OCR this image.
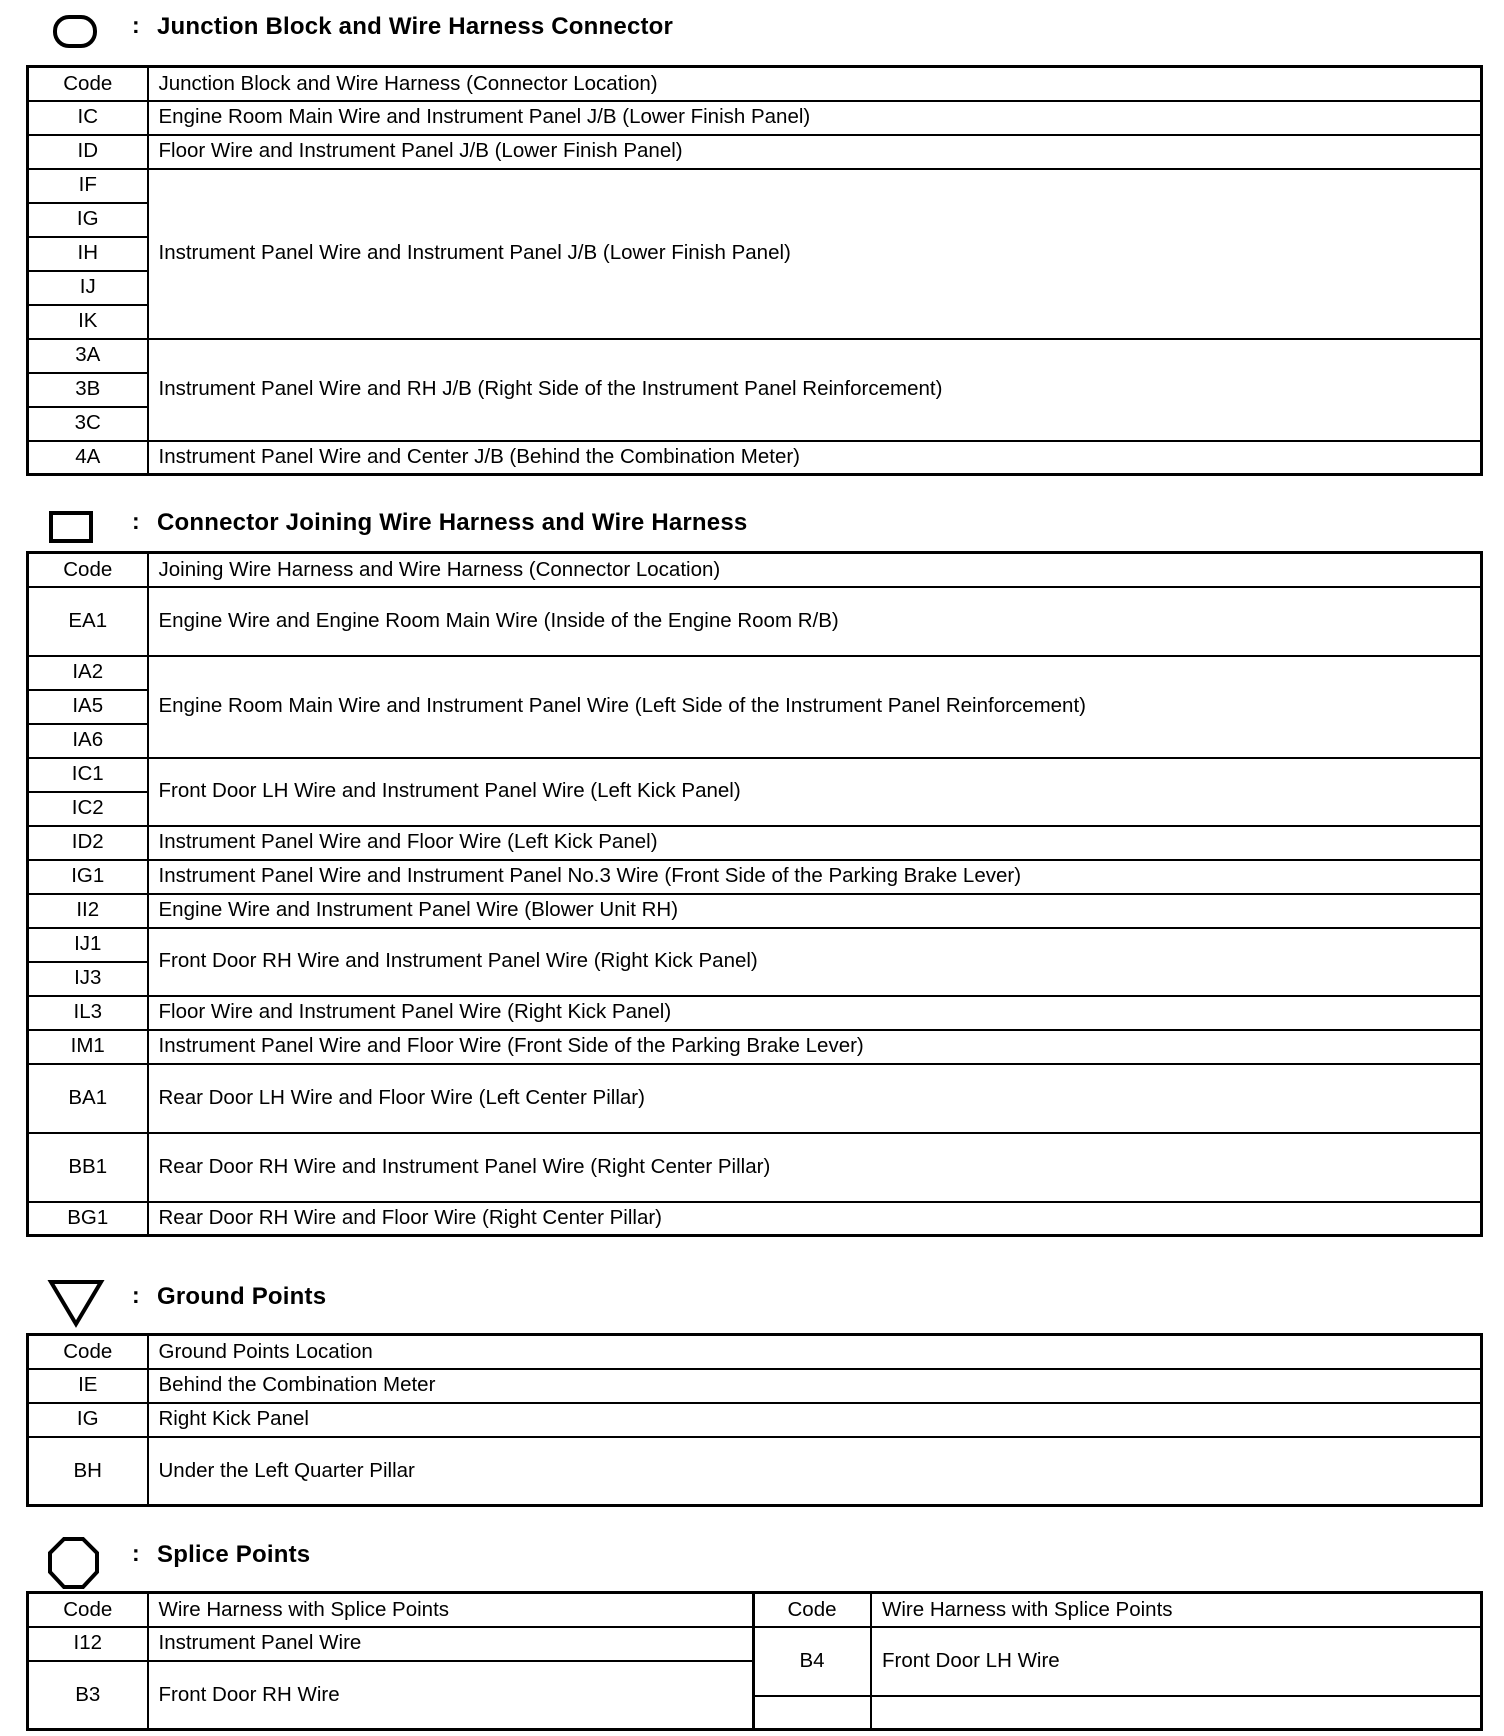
: Junction Block and Wire Harness Connector
Code	Junction Block and Wire Harness (Connector Location)
IC	Engine Room Main Wire and Instrument Panel J/B (Lower Finish Panel)
ID	Floor Wire and Instrument Panel J/B (Lower Finish Panel)
IF	Instrument Panel Wire and Instrument Panel J/B (Lower Finish Panel)
IG	
IH	
IJ	
IK	
3A	Instrument Panel Wire and RH J/B (Right Side of the Instrument Panel Reinforcement)
3B	
3C	
4A	Instrument Panel Wire and Center J/B (Behind the Combination Meter)
: Connector Joining Wire Harness and Wire Harness
Code	Joining Wire Harness and Wire Harness (Connector Location)
EA1	Engine Wire and Engine Room Main Wire (Inside of the Engine Room R/B)
IA2	Engine Room Main Wire and Instrument Panel Wire (Left Side of the Instrument Panel Reinforcement)
IA5	
IA6	
IC1	Front Door LH Wire and Instrument Panel Wire (Left Kick Panel)
IC2	
ID2	Instrument Panel Wire and Floor Wire (Left Kick Panel)
IG1	Instrument Panel Wire and Instrument Panel No.3 Wire (Front Side of the Parking Brake Lever)
II2	Engine Wire and Instrument Panel Wire (Blower Unit RH)
IJ1	Front Door RH Wire and Instrument Panel Wire (Right Kick Panel)
IJ3	
IL3	Floor Wire and Instrument Panel Wire (Right Kick Panel)
IM1	Instrument Panel Wire and Floor Wire (Front Side of the Parking Brake Lever)
BA1	Rear Door LH Wire and Floor Wire (Left Center Pillar)
BB1	Rear Door RH Wire and Instrument Panel Wire (Right Center Pillar)
BG1	Rear Door RH Wire and Floor Wire (Right Center Pillar)
: Ground Points
Code	Ground Points Location
IE	Behind the Combination Meter
IG	Right Kick Panel
BH	Under the Left Quarter Pillar
: Splice Points
Code	Wire Harness with Splice Points
I12	Instrument Panel Wire
B3	Front Door RH Wire
Code	Wire Harness with Splice Points
B4	Front Door LH Wire
